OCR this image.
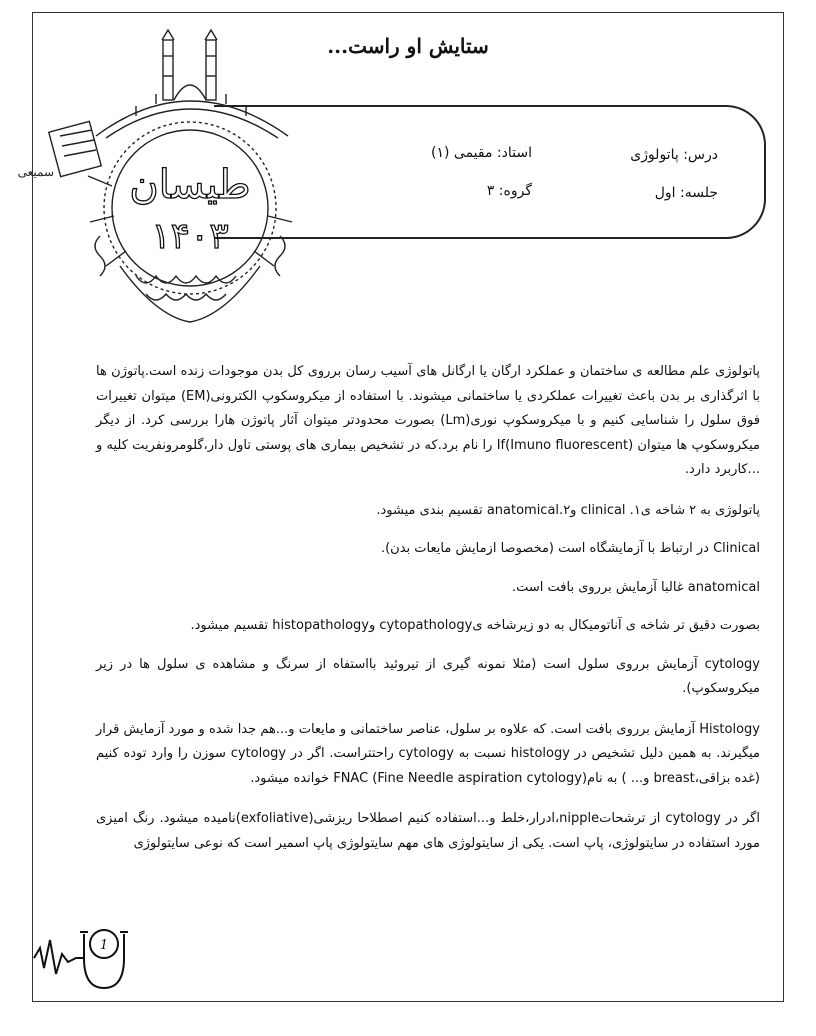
ستایش او راست...
درس: پاتولوژی
استاد: مقیمی (۱)
جلسه: اول
گروه: ۳
سمیعی طیسان
۱۴۰۳

پاتولوژی علم مطالعه ی ساختمان و عملکرد ارگان یا ارگانل های آسیب رسان برروی کل بدن موجودات زنده است.پاتوژن ها با اثرگذاری بر بدن باعث تغییرات عملکردی یا ساختمانی میشوند. با استفاده از میکروسکوپ الکترونی(EM) میتوان تغییرات فوق سلول را شناسایی کنیم و با میکروسکوپ نوری(Lm) بصورت محدودتر میتوان آثار پاتوژن هارا بررسی کرد. از دیگر میکروسکوپ ها میتوان If(Imuno fluorescent) را نام برد.که در تشخیص بیماری های پوستی تاول دار،گلومرونفریت کلیه و ...کاربرد دارد.

پاتولوژی به ۲ شاخه ی۱. clinical و۲.anatomical تقسیم بندی میشود.

Clinical در ارتباط با آزمایشگاه است (مخصوصا ازمایش مایعات بدن).

anatomical غالبا آزمایش برروی بافت است.

بصورت دقیق تر شاخه ی آناتومیکال به دو زیرشاخه یcytopathology وhistopathology تقسیم میشود.

cytology آزمایش برروی سلول است (مثلا نمونه گیری از تیروئید بااستفاه از سرنگ و مشاهده ی سلول ها در زیر میکروسکوپ).

Histology آزمایش برروی بافت است. که علاوه بر سلول، عناصر ساختمانی و مایعات و...هم جدا شده و مورد آزمایش قرار میگیرند. به همین دلیل تشخیص در histology نسبت به cytology راحتتراست. اگر در cytology سوزن را وارد توده کنیم (غده بزاقی،breast و... ) به نامFNAC (Fine Needle aspiration cytology) خوانده میشود.

اگر در cytology از ترشحاتnipple،ادرار،خلط و...استفاده کنیم اصطلاحا ریزشی(exfoliative)نامیده میشود. رنگ امیزی مورد استفاده در سایتولوژی، پاپ است. یکی از سایتولوژی های مهم سایتولوژی پاپ اسمیر است که نوعی سایتولوژی

1
